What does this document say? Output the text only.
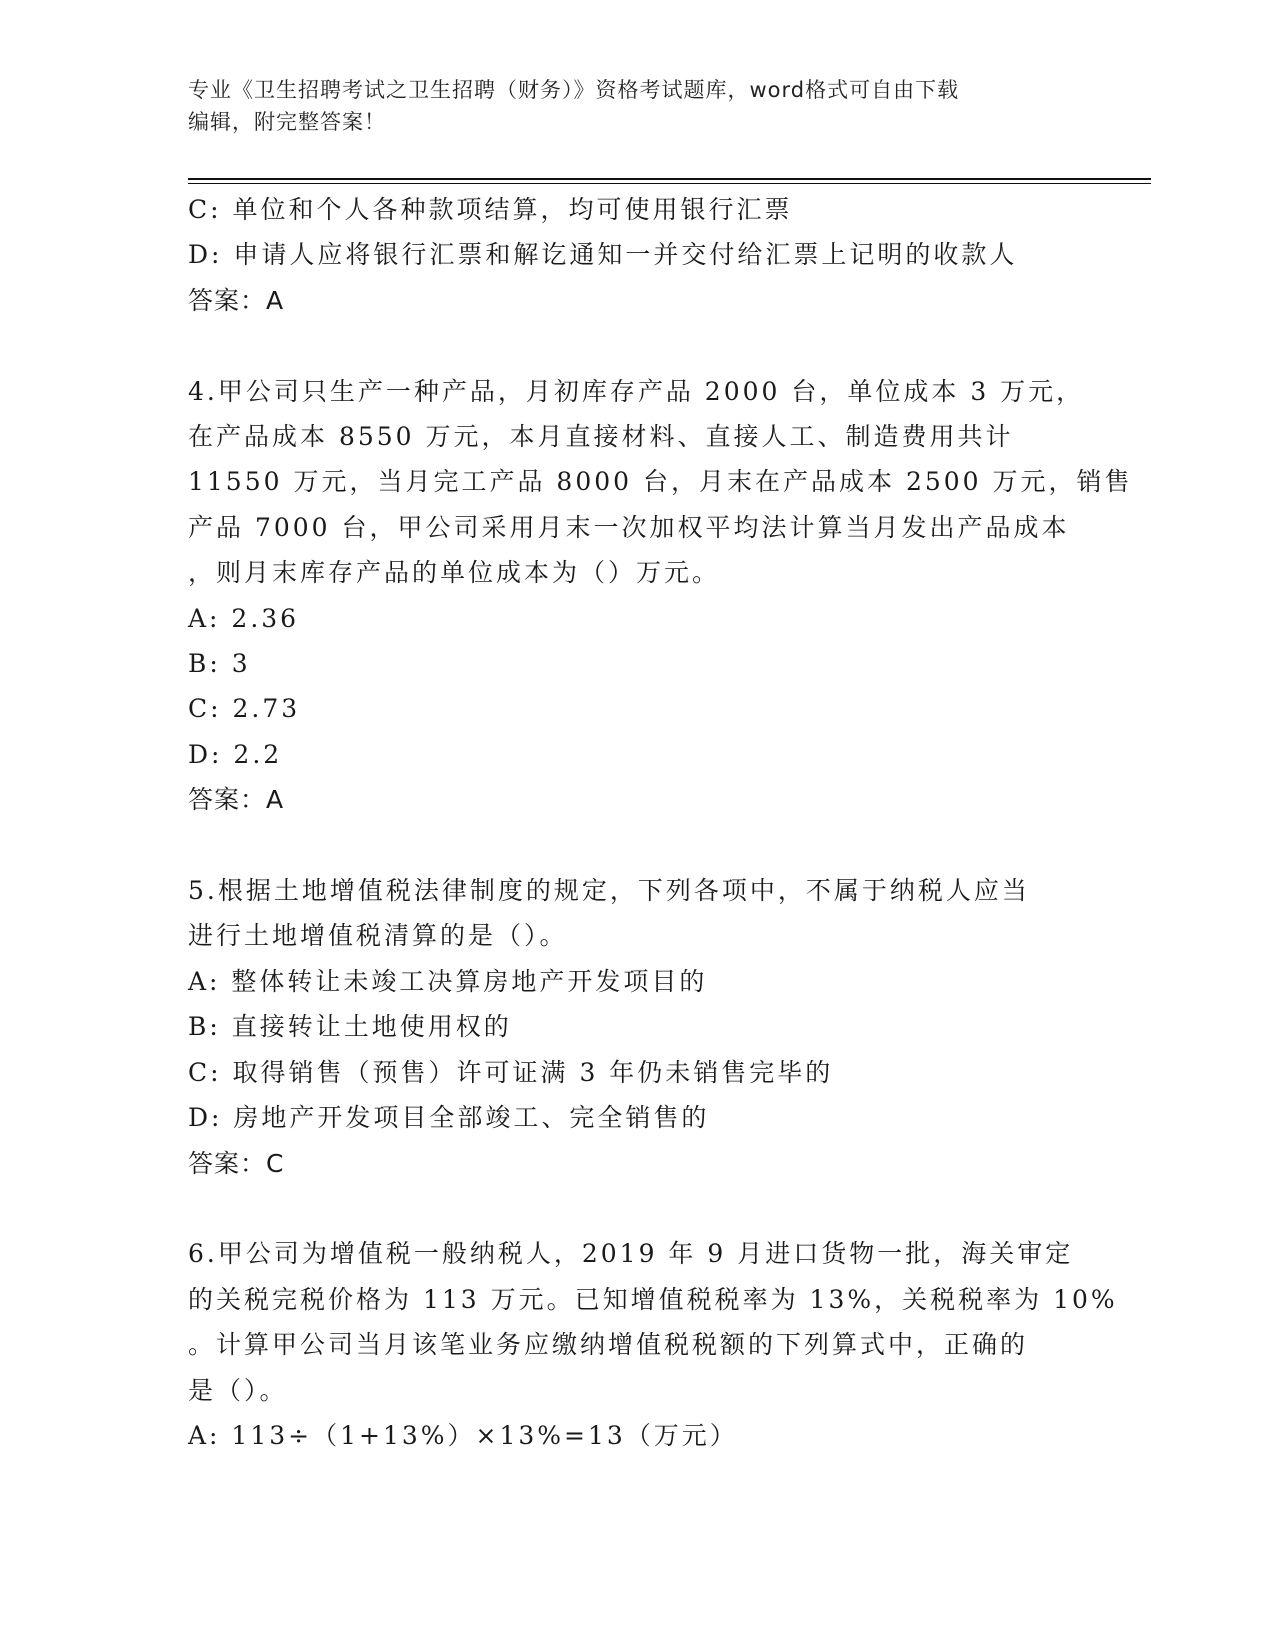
专业《卫生招聘考试之卫生招聘（财务）》资格考试题库，word格式可自由下载
编辑，附完整答案！
C: 单位和个人各种款项结算，均可使用银行汇票
D: 申请人应将银行汇票和解讫通知一并交付给汇票上记明的收款人
答案：A
4.甲公司只生产一种产品，月初库存产品 2000 台，单位成本 3 万元，
在产品成本 8550 万元，本月直接材料、直接人工、制造费用共计
11550 万元，当月完工产品 8000 台，月末在产品成本 2500 万元，销售
产品 7000 台，甲公司采用月末一次加权平均法计算当月发出产品成本
，则月末库存产品的单位成本为（）万元。
A: 2.36
B: 3
C: 2.73
D: 2.2
答案：A
5.根据土地增值税法律制度的规定，下列各项中，不属于纳税人应当
进行土地增值税清算的是（）。
A: 整体转让未竣工决算房地产开发项目的
B: 直接转让土地使用权的
C: 取得销售（预售）许可证满 3 年仍未销售完毕的
D: 房地产开发项目全部竣工、完全销售的
答案：C
6.甲公司为增值税一般纳税人，2019 年 9 月进口货物一批，海关审定
的关税完税价格为 113 万元。已知增值税税率为 13%，关税税率为 10%
。计算甲公司当月该笔业务应缴纳增值税税额的下列算式中，正确的
是（）。
A: 113÷（1+13%）×13%=13（万元）
